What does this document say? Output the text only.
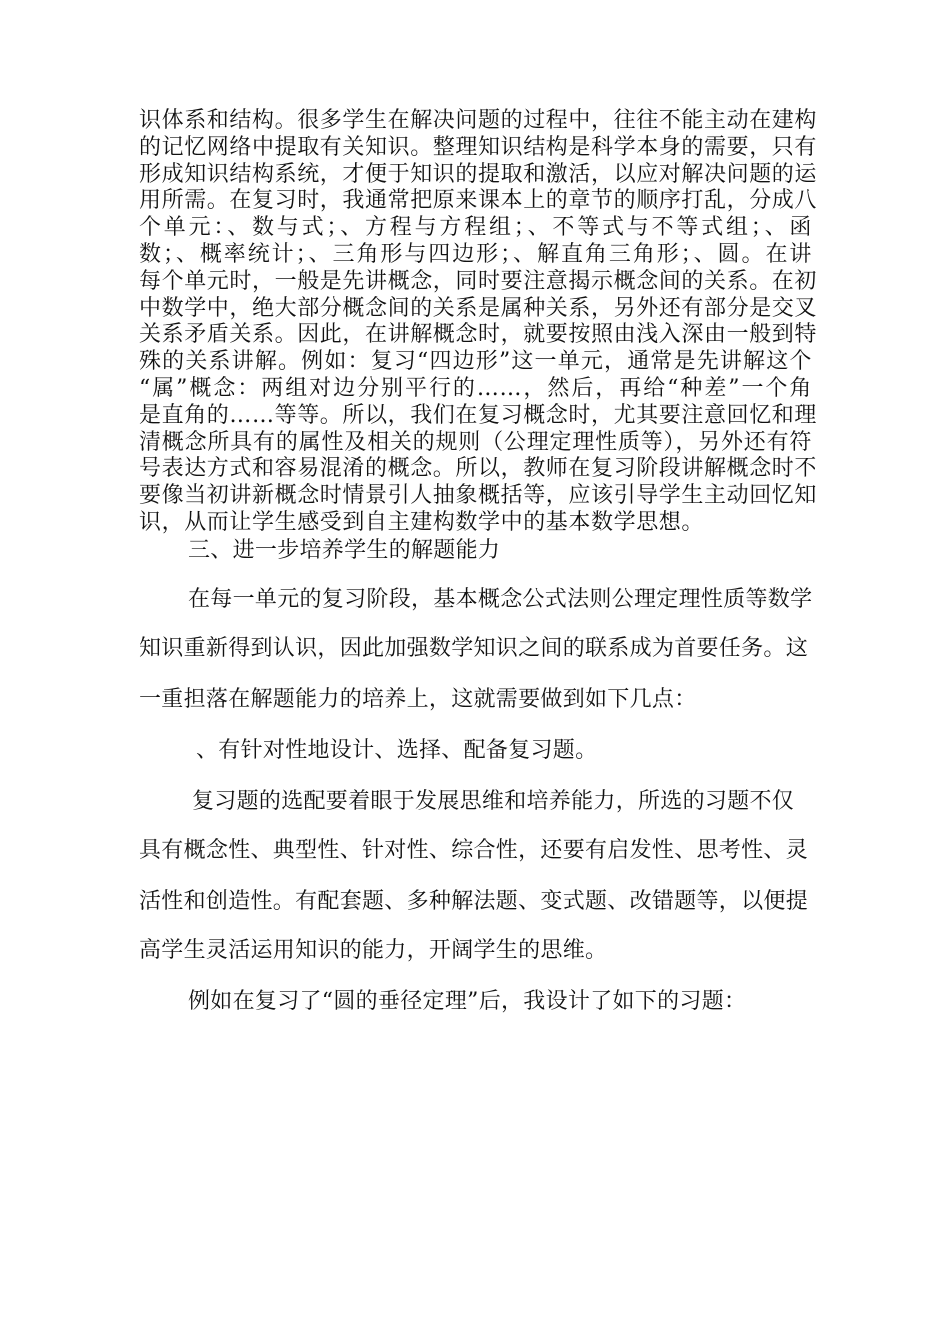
识体系和结构。很多学生在解决问题的过程中，往往不能主动在建构
的记忆网络中提取有关知识。整理知识结构是科学本身的需要，只有
形成知识结构系统，才便于知识的提取和激活，以应对解决问题的运
用所需。在复习时，我通常把原来课本上的章节的顺序打乱，分成八
个单元：、数与式；、方程与方程组；、不等式与不等式组；、函
数；、概率统计；、三角形与四边形；、解直角三角形；、圆。在讲
每个单元时，一般是先讲概念，同时要注意揭示概念间的关系。在初
中数学中，绝大部分概念间的关系是属种关系，另外还有部分是交叉
关系矛盾关系。因此，在讲解概念时，就要按照由浅入深由一般到特
殊的关系讲解。例如：复习“四边形”这一单元，通常是先讲解这个
“属”概念：两组对边分别平行的……，然后，再给“种差”一个角
是直角的……等等。所以，我们在复习概念时，尤其要注意回忆和理
清概念所具有的属性及相关的规则（公理定理性质等），另外还有符
号表达方式和容易混淆的概念。所以，教师在复习阶段讲解概念时不
要像当初讲新概念时情景引人抽象概括等，应该引导学生主动回忆知
识，从而让学生感受到自主建构数学中的基本数学思想。
三、进一步培养学生的解题能力
在每一单元的复习阶段，基本概念公式法则公理定理性质等数学
知识重新得到认识，因此加强数学知识之间的联系成为首要任务。这
一重担落在解题能力的培养上，这就需要做到如下几点：
、有针对性地设计、选择、配备复习题。
复习题的选配要着眼于发展思维和培养能力，所选的习题不仅
具有概念性、典型性、针对性、综合性，还要有启发性、思考性、灵
活性和创造性。有配套题、多种解法题、变式题、改错题等，以便提
高学生灵活运用知识的能力，开阔学生的思维。
例如在复习了“圆的垂径定理”后，我设计了如下的习题：
